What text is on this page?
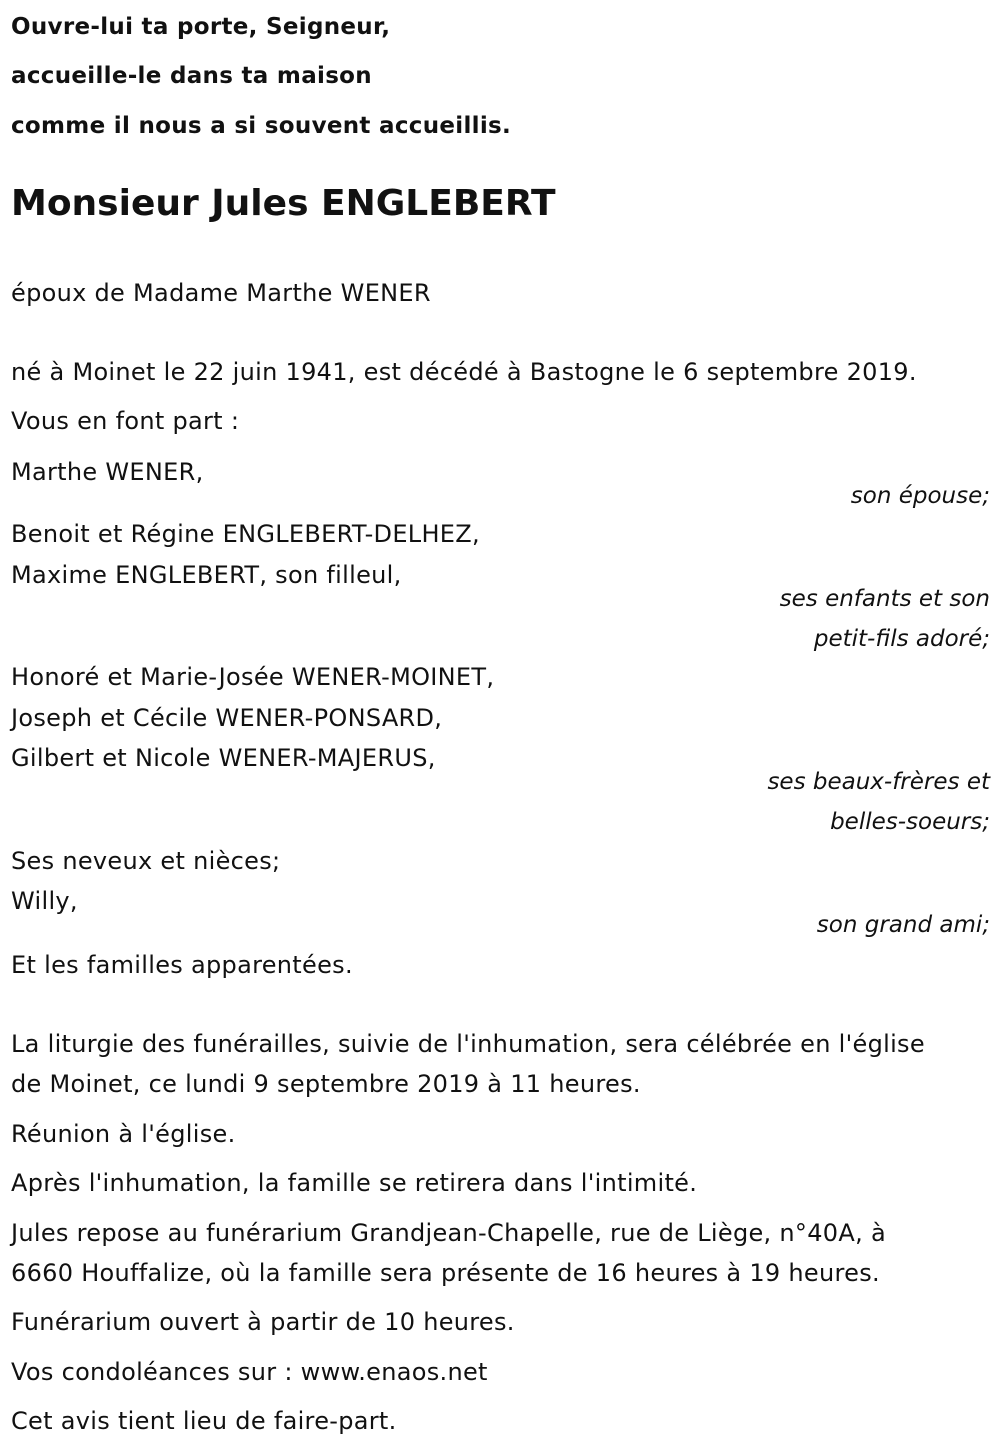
Ouvre-lui ta porte, Seigneur,
accueille-le dans ta maison
comme il nous a si souvent accueillis.
Monsieur Jules ENGLEBERT
époux de Madame Marthe WENER
né à Moinet le 22 juin 1941, est décédé à Bastogne le 6 septembre 2019.
Vous en font part :
Marthe WENER,
son épouse;
Benoit et Régine ENGLEBERT-DELHEZ,
Maxime ENGLEBERT, son filleul,
ses enfants et son
petit-fils adoré;
Honoré et Marie-Josée WENER-MOINET,
Joseph et Cécile WENER-PONSARD,
Gilbert et Nicole WENER-MAJERUS,
ses beaux-frères et
belles-soeurs;
Ses neveux et nièces;
Willy,
son grand ami;
Et les familles apparentées.
La liturgie des funérailles, suivie de l'inhumation, sera célébrée en l'église
de Moinet, ce lundi 9 septembre 2019 à 11 heures.
Réunion à l'église.
Après l'inhumation, la famille se retirera dans l'intimité.
Jules repose au funérarium Grandjean-Chapelle, rue de Liège, n°40A, à
6660 Houffalize, où la famille sera présente de 16 heures à 19 heures.
Funérarium ouvert à partir de 10 heures.
Vos condoléances sur : www.enaos.net
Cet avis tient lieu de faire-part.
